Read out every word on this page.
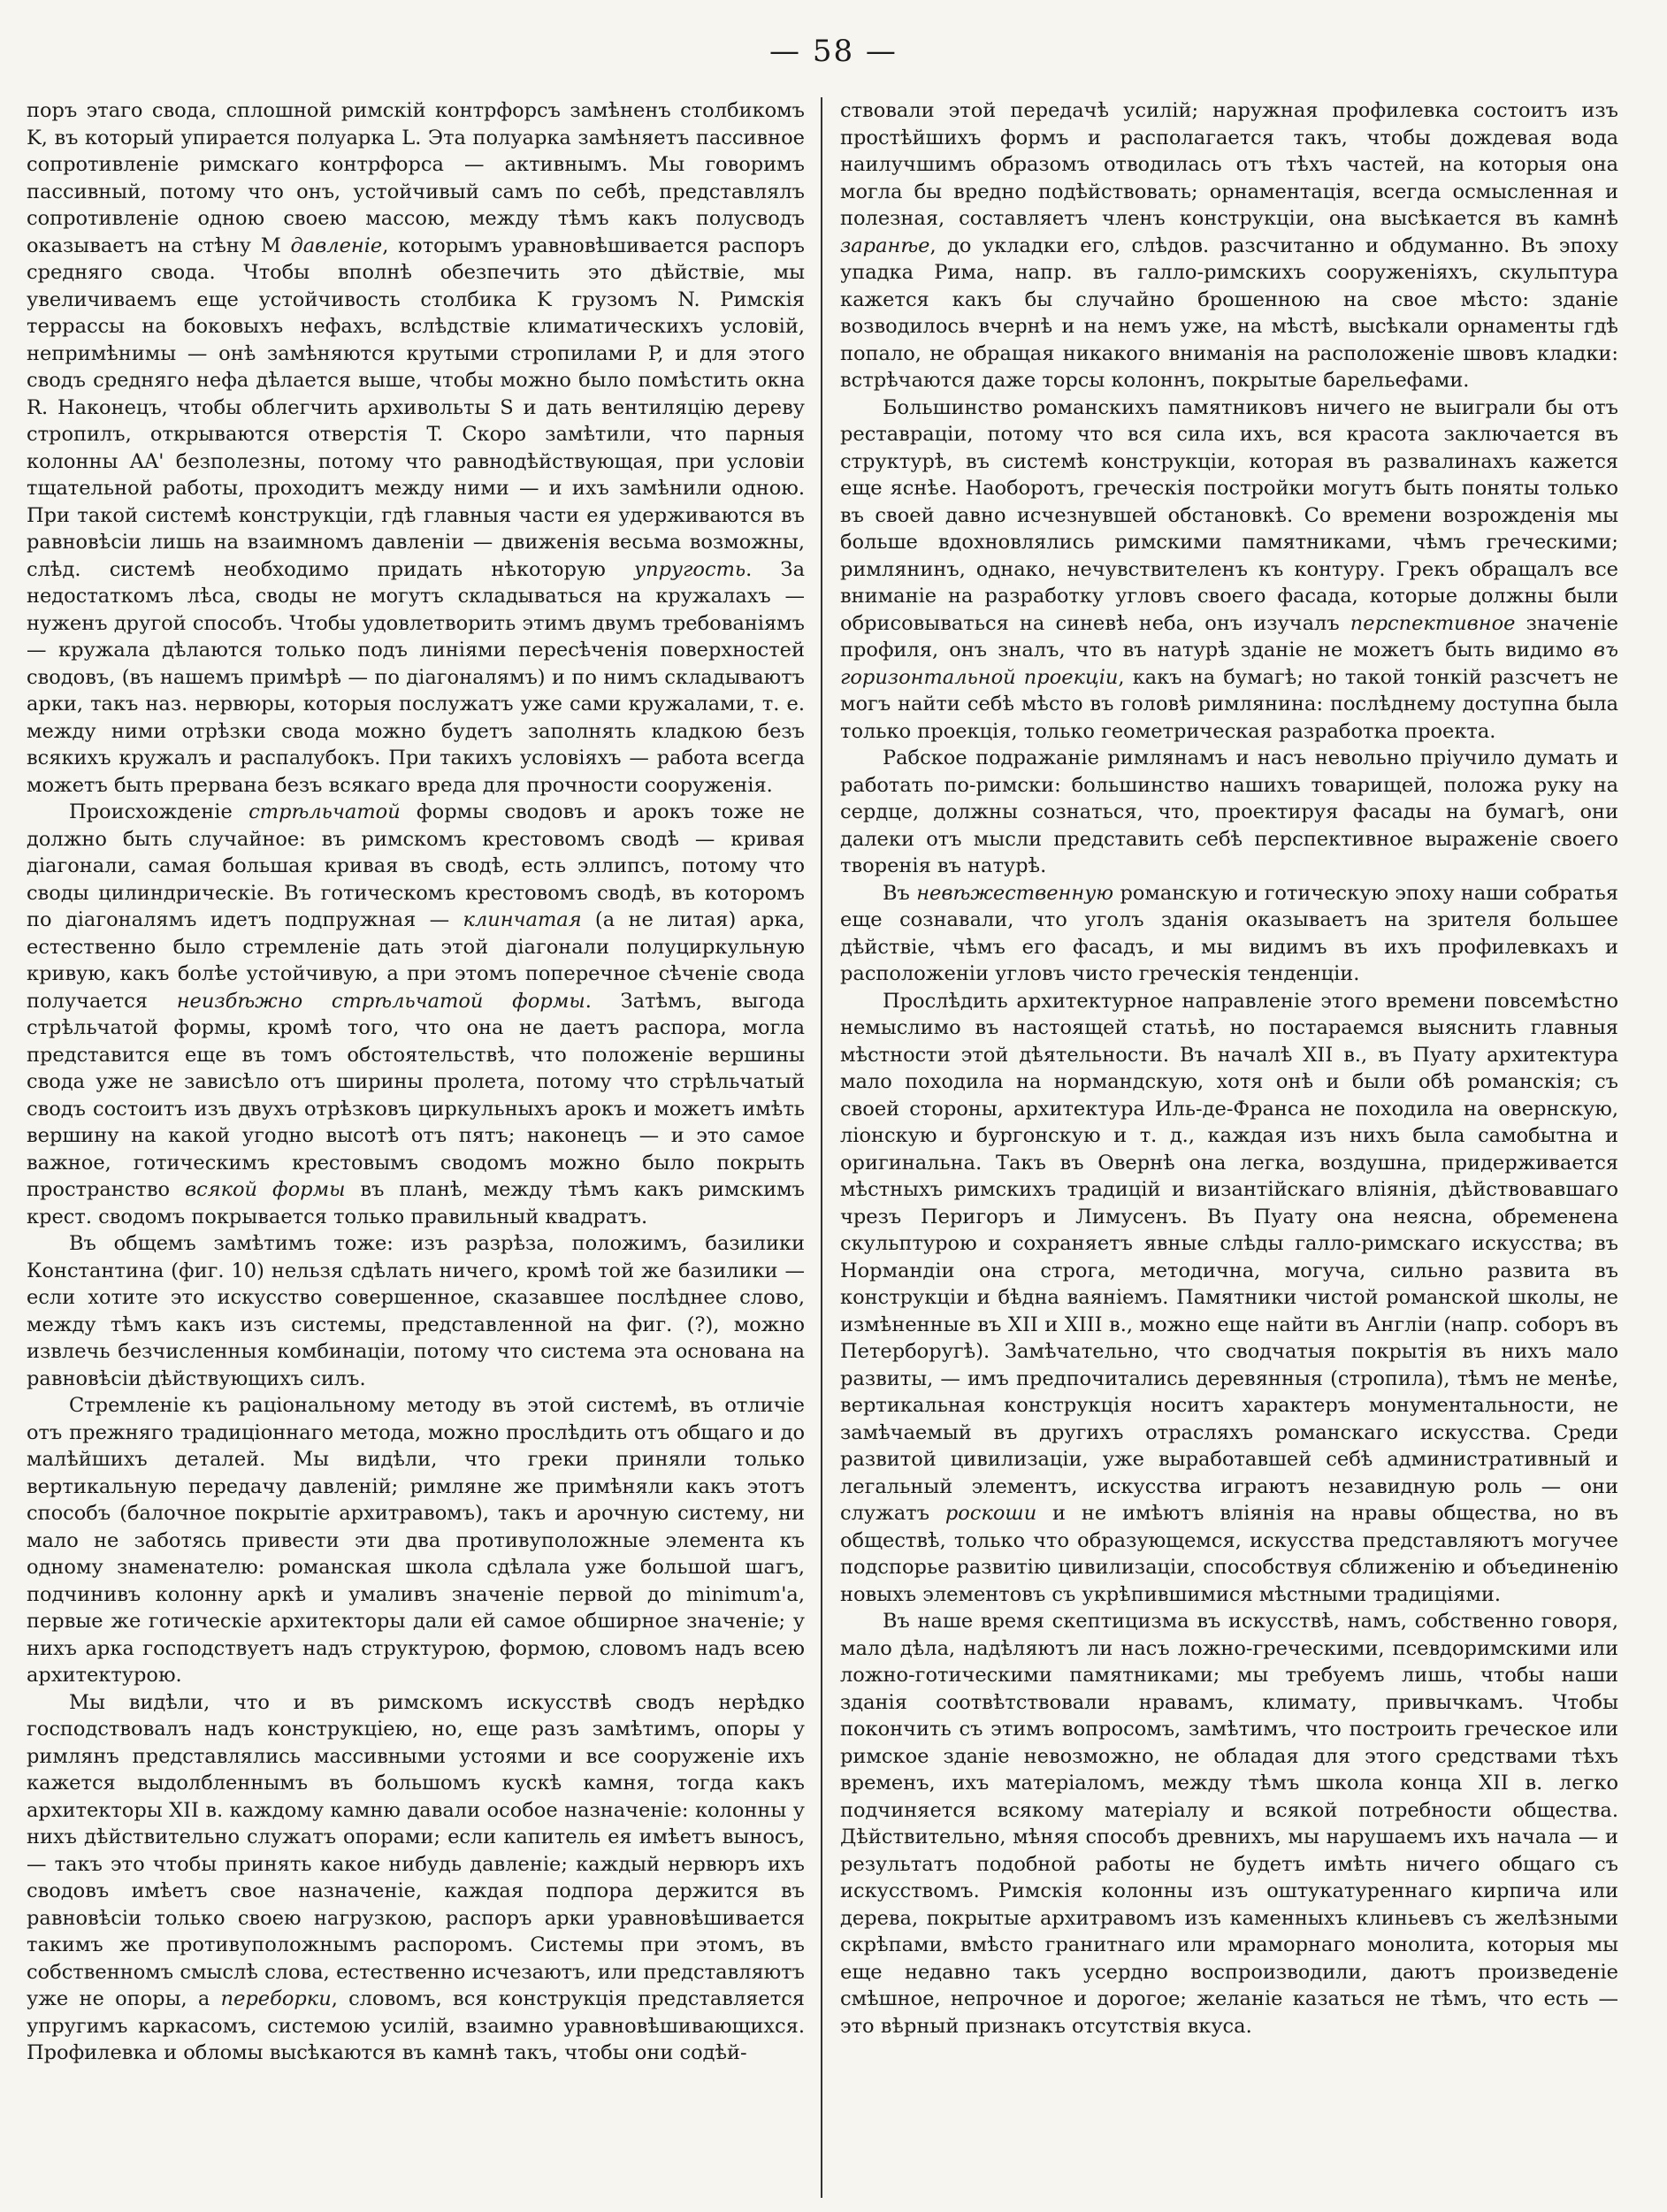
— 58 —

поръ этаго свода, сплошной римскій контрфорсъ замѣненъ столбикомъ K, въ который упирается полуарка L. Эта полуарка замѣняетъ пассивное сопротивленіе римскаго контрфорса — активнымъ. Мы говоримъ пассивный, потому что онъ, устойчивый самъ по себѣ, представлялъ сопротивленіе одною своею массою, между тѣмъ какъ полусводъ оказываетъ на стѣну M давленіе, которымъ уравновѣшивается распоръ средняго свода. Чтобы вполнѣ обезпечить это дѣйствіе, мы увеличиваемъ еще устойчивость столбика K грузомъ N. Римскія террассы на боковыхъ нефахъ, вслѣдствіе климатическихъ условій, непримѣнимы — онѣ замѣняются крутыми стропилами P, и для этого сводъ средняго нефа дѣлается выше, чтобы можно было помѣстить окна R. Наконецъ, чтобы облегчить архивольты S и дать вентиляцію дереву стропилъ, открываются отверстія T. Скоро замѣтили, что парныя колонны AA' безполезны, потому что равнодѣйствующая, при условіи тщательной работы, проходитъ между ними — и ихъ замѣнили одною. При такой системѣ конструкціи, гдѣ главныя части ея удерживаются въ равновѣсіи лишь на взаимномъ давленіи — движенія весьма возможны, слѣд. системѣ необходимо придать нѣкоторую упругость. За недостаткомъ лѣса, своды не могутъ складываться на кружалахъ — нуженъ другой способъ. Чтобы удовлетворить этимъ двумъ требованіямъ — кружала дѣлаются только подъ линіями пересѣченія поверхностей сводовъ, (въ нашемъ примѣрѣ — по діагоналямъ) и по нимъ складываютъ арки, такъ наз. нервюры, которыя послужатъ уже сами кружалами, т. е. между ними отрѣзки свода можно будетъ заполнять кладкою безъ всякихъ кружалъ и распалубокъ. При такихъ условіяхъ — работа всегда можетъ быть прервана безъ всякаго вреда для прочности сооруженія.

Происхожденіе стрѣльчатой формы сводовъ и арокъ тоже не должно быть случайное: въ римскомъ крестовомъ сводѣ — кривая діагонали, самая большая кривая въ сводѣ, есть эллипсъ, потому что своды цилиндрическіе. Въ готическомъ крестовомъ сводѣ, въ которомъ по діагоналямъ идетъ подпружная — клинчатая (а не литая) арка, естественно было стремленіе дать этой діагонали полуциркульную кривую, какъ болѣе устойчивую, а при этомъ поперечное сѣченіе свода получается неизбѣжно стрѣльчатой формы. Затѣмъ, выгода стрѣльчатой формы, кромѣ того, что она не даетъ распора, могла представится еще въ томъ обстоятельствѣ, что положеніе вершины свода уже не зависѣло отъ ширины пролета, потому что стрѣльчатый сводъ состоитъ изъ двухъ отрѣзковъ циркульныхъ арокъ и можетъ имѣть вершину на какой угодно высотѣ отъ пятъ; наконецъ — и это самое важное, готическимъ крестовымъ сводомъ можно было покрыть пространство всякой формы въ планѣ, между тѣмъ какъ римскимъ крест. сводомъ покрывается только правильный квадратъ.

Въ общемъ замѣтимъ тоже: изъ разрѣза, положимъ, базилики Константина (фиг. 10) нельзя сдѣлать ничего, кромѣ той же базилики — если хотите это искусство совершенное, сказавшее послѣднее слово, между тѣмъ какъ изъ системы, представленной на фиг. (?), можно извлечь безчисленныя комбинаціи, потому что система эта основана на равновѣсіи дѣйствующихъ силъ.

Стремленіе къ раціональному методу въ этой системѣ, въ отличіе отъ прежняго традиціоннаго метода, можно прослѣдить отъ общаго и до малѣйшихъ деталей. Мы видѣли, что греки приняли только вертикальную передачу давленій; римляне же примѣняли какъ этотъ способъ (балочное покрытіе архитравомъ), такъ и арочную систему, ни мало не заботясь привести эти два противуположные элемента къ одному знаменателю: романская школа сдѣлала уже большой шагъ, подчинивъ колонну аркѣ и умаливъ значеніе первой до minimum'а, первые же готическіе архитекторы дали ей самое обширное значеніе; у нихъ арка господствуетъ надъ структурою, формою, словомъ надъ всею архитектурою.

Мы видѣли, что и въ римскомъ искусствѣ сводъ нерѣдко господствовалъ надъ конструкціею, но, еще разъ замѣтимъ, опоры у римлянъ представлялись массивными устоями и все сооруженіе ихъ кажется выдолбленнымъ въ большомъ кускѣ камня, тогда какъ архитекторы XII в. каждому камню давали особое назначеніе: колонны у нихъ дѣйствительно служатъ опорами; если капитель ея имѣетъ выносъ, — такъ это чтобы принять какое нибудь давленіе; каждый нервюръ ихъ сводовъ имѣетъ свое назначеніе, каждая подпора держится въ равновѣсіи только своею нагрузкою, распоръ арки уравновѣшивается такимъ же противуположнымъ распоромъ. Системы при этомъ, въ собственномъ смыслѣ слова, естественно исчезаютъ, или представляютъ уже не опоры, а переборки, словомъ, вся конструкція представляется упругимъ каркасомъ, системою усилій, взаимно уравновѣшивающихся. Профилевка и обломы высѣкаются въ камнѣ такъ, чтобы они содѣй-

ствовали этой передачѣ усилій; наружная профилевка состоитъ изъ простѣйшихъ формъ и располагается такъ, чтобы дождевая вода наилучшимъ образомъ отводилась отъ тѣхъ частей, на которыя она могла бы вредно подѣйствовать; орнаментація, всегда осмысленная и полезная, составляетъ членъ конструкціи, она высѣкается въ камнѣ заранѣе, до укладки его, слѣдов. разсчитанно и обдуманно. Въ эпоху упадка Рима, напр. въ галло-римскихъ сооруженіяхъ, скульптура кажется какъ бы случайно брошенною на свое мѣсто: зданіе возводилось вчернѣ и на немъ уже, на мѣстѣ, высѣкали орнаменты гдѣ попало, не обращая никакого вниманія на расположеніе швовъ кладки: встрѣчаются даже торсы колоннъ, покрытые барельефами.

Большинство романскихъ памятниковъ ничего не выиграли бы отъ реставраціи, потому что вся сила ихъ, вся красота заключается въ структурѣ, въ системѣ конструкціи, которая въ развалинахъ кажется еще яснѣе. Наоборотъ, греческія постройки могутъ быть поняты только въ своей давно исчезнувшей обстановкѣ. Со времени возрожденія мы больше вдохновлялись римскими памятниками, чѣмъ греческими; римлянинъ, однако, нечувствителенъ къ контуру. Грекъ обращалъ все вниманіе на разработку угловъ своего фасада, которые должны были обрисовываться на синевѣ неба, онъ изучалъ перспективное значеніе профиля, онъ зналъ, что въ натурѣ зданіе не можетъ быть видимо въ горизонтальной проекціи, какъ на бумагѣ; но такой тонкій разсчетъ не могъ найти себѣ мѣсто въ головѣ римлянина: послѣднему доступна была только проекція, только геометрическая разработка проекта.

Рабское подражаніе римлянамъ и насъ невольно пріучило думать и работать по-римски: большинство нашихъ товарищей, положа руку на сердце, должны сознаться, что, проектируя фасады на бумагѣ, они далеки отъ мысли представить себѣ перспективное выраженіе своего творенія въ натурѣ.

Въ невѣжественную романскую и готическую эпоху наши собратья еще сознавали, что уголъ зданія оказываетъ на зрителя большее дѣйствіе, чѣмъ его фасадъ, и мы видимъ въ ихъ профилевкахъ и расположеніи угловъ чисто греческія тенденціи.

Прослѣдить архитектурное направленіе этого времени повсемѣстно немыслимо въ настоящей статьѣ, но постараемся выяснить главныя мѣстности этой дѣятельности. Въ началѣ XII в., въ Пуату архитектура мало походила на нормандскую, хотя онѣ и были обѣ романскія; съ своей стороны, архитектура Иль-де-Франса не походила на овернскую, ліонскую и бургонскую и т. д., каждая изъ нихъ была самобытна и оригинальна. Такъ въ Овернѣ она легка, воздушна, придерживается мѣстныхъ римскихъ традицій и византійскаго вліянія, дѣйствовавшаго чрезъ Перигоръ и Лимусенъ. Въ Пуату она неясна, обременена скульптурою и сохраняетъ явные слѣды галло-римскаго искусства; въ Нормандіи она строга, методична, могуча, сильно развита въ конструкціи и бѣдна ваяніемъ. Памятники чистой романской школы, не измѣненные въ XII и XIII в., можно еще найти въ Англіи (напр. соборъ въ Петерборугѣ). Замѣчательно, что сводчатыя покрытія въ нихъ мало развиты, — имъ предпочитались деревянныя (стропила), тѣмъ не менѣе, вертикальная конструкція носитъ характеръ монументальности, не замѣчаемый въ другихъ отрасляхъ романскаго искусства. Среди развитой цивилизаціи, уже выработавшей себѣ административный и легальный элементъ, искусства играютъ незавидную роль — они служатъ роскоши и не имѣютъ вліянія на нравы общества, но въ обществѣ, только что образующемся, искусства представляютъ могучее подспорье развитію цивилизаціи, способствуя сближенію и объединенію новыхъ элементовъ съ укрѣпившимися мѣстными традиціями.

Въ наше время скептицизма въ искусствѣ, намъ, собственно говоря, мало дѣла, надѣляютъ ли насъ ложно-греческими, псевдоримскими или ложно-готическими памятниками; мы требуемъ лишь, чтобы наши зданія соотвѣтствовали нравамъ, климату, привычкамъ. Чтобы покончить съ этимъ вопросомъ, замѣтимъ, что построить греческое или римское зданіе невозможно, не обладая для этого средствами тѣхъ временъ, ихъ матеріаломъ, между тѣмъ школа конца XII в. легко подчиняется всякому матеріалу и всякой потребности общества. Дѣйствительно, мѣняя способъ древнихъ, мы нарушаемъ ихъ начала — и результатъ подобной работы не будетъ имѣть ничего общаго съ искусствомъ. Римскія колонны изъ оштукатуреннаго кирпича или дерева, покрытые архитравомъ изъ каменныхъ клиньевъ съ желѣзными скрѣпами, вмѣсто гранитнаго или мраморнаго монолита, которыя мы еще недавно такъ усердно воспроизводили, даютъ произведеніе смѣшное, непрочное и дорогое; желаніе казаться не тѣмъ, что есть — это вѣрный признакъ отсутствія вкуса.
